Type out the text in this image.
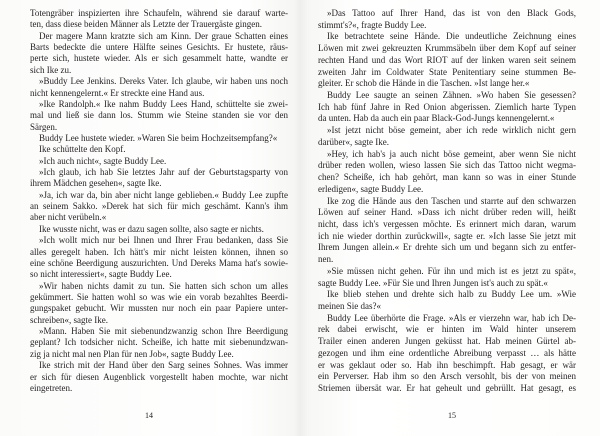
Totengräber inspizierten ihre Schaufeln, während sie darauf warte-
ten, dass diese beiden Männer als Letzte der Trauergäste gingen.
Der magere Mann kratzte sich am Kinn. Der graue Schatten eines
Barts bedeckte die untere Hälfte seines Gesichts. Er hustete, räus-
perte sich, hustete wieder. Als er sich gesammelt hatte, wandte er
sich Ike zu.
»Buddy Lee Jenkins. Dereks Vater. Ich glaube, wir haben uns noch
nicht kennengelernt.« Er streckte eine Hand aus.
»Ike Randolph.« Ike nahm Buddy Lees Hand, schüttelte sie zwei-
mal und ließ sie dann los. Stumm wie Steine standen sie vor den
Särgen.
Buddy Lee hustete wieder. »Waren Sie beim Hochzeitsempfang?«
Ike schüttelte den Kopf.
»Ich auch nicht«, sagte Buddy Lee.
»Ich glaub, ich hab Sie letztes Jahr auf der Geburtstagsparty von
ihrem Mädchen gesehen«, sagte Ike.
»Ja, ich war da, bin aber nicht lange geblieben.« Buddy Lee zupfte
an seinem Sakko. »Derek hat sich für mich geschämt. Kann's ihm
aber nicht verübeln.«
Ike wusste nicht, was er dazu sagen sollte, also sagte er nichts.
»Ich wollt mich nur bei Ihnen und Ihrer Frau bedanken, dass Sie
alles geregelt haben. Ich hätt's mir nicht leisten können, ihnen so
eine schöne Beerdigung auszurichten. Und Dereks Mama hat's sowie-
so nicht interessiert«, sagte Buddy Lee.
»Wir haben nichts damit zu tun. Sie hatten sich schon um alles
gekümmert. Sie hatten wohl so was wie ein vorab bezahltes Beerdi-
gungspaket gebucht. Wir mussten nur noch ein paar Papiere unter-
schreiben«, sagte Ike.
»Mann. Haben Sie mit siebenundzwanzig schon Ihre Beerdigung
geplant? Ich todsicher nicht. Scheiße, ich hatte mit siebenundzwan-
zig ja nicht mal nen Plan für nen Job«, sagte Buddy Lee.
Ike strich mit der Hand über den Sarg seines Sohnes. Was immer
er sich für diesen Augenblick vorgestellt haben mochte, war nicht
eingetreten.
14
»Das Tattoo auf Ihrer Hand, das ist von den Black Gods,
stimmt's?«, fragte Buddy Lee.
Ike betrachtete seine Hände. Die undeutliche Zeichnung eines
Löwen mit zwei gekreuzten Krummsäbeln über dem Kopf auf seiner
rechten Hand und das Wort RIOT auf der linken waren seit seinem
zweiten Jahr im Coldwater State Penitentiary seine stummen Be-
gleiter. Er schob die Hände in die Taschen. »Ist lange her.«
Buddy Lee saugte an seinen Zähnen. »Wo haben Sie gesessen?
Ich hab fünf Jahre in Red Onion abgerissen. Ziemlich harte Typen
da unten. Hab da auch ein paar Black-God-Jungs kennengelernt.«
»Ist jetzt nicht böse gemeint, aber ich rede wirklich nicht gern
darüber«, sagte Ike.
»Hey, ich hab's ja auch nicht böse gemeint, aber wenn Sie nicht
drüber reden wollen, wieso lassen Sie sich das Tattoo nicht wegma-
chen? Scheiße, ich hab gehört, man kann so was in einer Stunde
erledigen«, sagte Buddy Lee.
Ike zog die Hände aus den Taschen und starrte auf den schwarzen
Löwen auf seiner Hand. »Dass ich nicht drüber reden will, heißt
nicht, dass ich's vergessen möchte. Es erinnert mich daran, warum
ich nie wieder dorthin zurückwill«, sagte er. »Ich lasse Sie jetzt mit
Ihrem Jungen allein.« Er drehte sich um und begann sich zu entfer-
nen.
»Sie müssen nicht gehen. Für ihn und mich ist es jetzt zu spät«,
sagte Buddy Lee. »Für Sie und Ihren Jungen ist's auch zu spät.«
Ike blieb stehen und drehte sich halb zu Buddy Lee um. »Wie
meinen Sie das?«
Buddy Lee überhörte die Frage. »Als er vierzehn war, hab ich De-
rek dabei erwischt, wie er hinten im Wald hinter unserem
Trailer einen anderen Jungen geküsst hat. Hab meinen Gürtel ab-
gezogen und ihm eine ordentliche Abreibung verpasst … als hätte
er was geklaut oder so. Hab ihn beschimpft. Hab gesagt, er wär
ein Perverser. Hab ihm so den Arsch versohlt, bis der von meinen
Striemen übersät war. Er hat geheult und gebrüllt. Hat gesagt, es
15
